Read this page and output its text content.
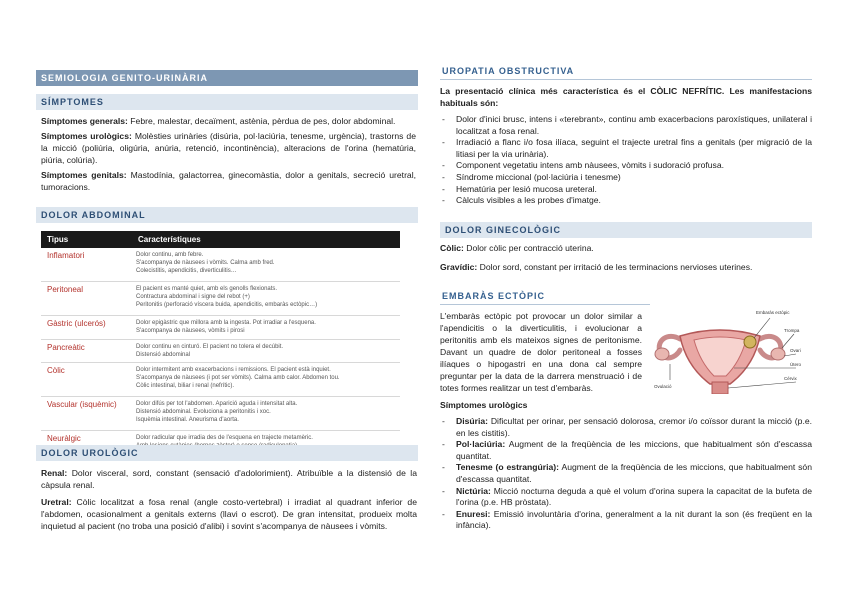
SEMIOLOGIA GENITO-URINÀRIA
SÍMPTOMES

Símptomes generals: Febre, malestar, decaïment, astènia, pèrdua de pes, dolor abdominal.

Símptomes urològics: Molèsties urinàries (disúria, pol·laciúria, tenesme, urgència), trastorns de la micció (poliúria, oligúria, anúria, retenció, incontinència), alteracions de l'orina (hematúria, piúria, colúria).

Símptomes genitals: Mastodínia, galactorrea, ginecomàstia, dolor a genitals, secreció uretral, tumoracions.

DOLOR ABDOMINAL
Tipus	Característiques
Inflamatori	Dolor continu, amb febre.
S'acompanya de nàusees i vòmits. Calma amb fred.
Colecistitis, apendicitis, diverticulitis…

Peritoneal	El pacient es manté quiet, amb els genolls flexionats.
Contractura abdominal i signe del rebot (+)
Peritonitis (perforació víscera buida, apendicitis, embaràs ectòpic…)

Gàstric (ulcerós)	Dolor epigàstric que millora amb la ingesta. Pot irradiar a l'esquena.
S'acompanya de nàusees, vòmits i pirosi

Pancreàtic	Dolor continu en cinturó. El pacient no tolera el decúbit.
Distensió abdominal

Còlic	Dolor intermitent amb exacerbacions i remissions. El pacient està inquiet.
S'acompanya de nàusees (i pot ser vòmits). Calma amb calor. Abdomen tou.
Còlic intestinal, biliar i renal (nefrític).

Vascular (isquèmic)	Dolor difús per tot l'abdomen. Aparició aguda i intensitat alta.
Distensió abdominal. Evoluciona a peritonitis i xoc.
Isquèmia intestinal. Aneurisma d'aorta.

Neuràlgic	Dolor radicular que irradia des de l'esquena en trajecte metamèric.
DOLOR UROLÒGIC

Renal: Dolor visceral, sord, constant (sensació d'adolorimient). Atribuïble a la distensió de la càpsula renal.

Uretral: Còlic localitzat a fosa renal (angle costo-vertebral) i irradiat al quadrant inferior de l'abdomen, ocasionalment a genitals externs (llavi o escrot). De gran intensitat, produeix molta inquietud al pacient (no troba una posició d'alibi) i sovint s'acompanya de nàusees i vòmits.

UROPATIA OBSTRUCTIVA

La presentació clínica més característica és el CÒLIC NEFRÍTIC. Les manifestacions habituals són:

- Dolor d'inici brusc, intens i «terebrant», continu amb exacerbacions paroxístiques, unilateral i localitzat a fosa renal.
- Irradiació a flanc i/o fosa ilíaca, seguint el trajecte uretral fins a genitals (per migració de la litiasi per la via urinària).
- Component vegetatiu intens amb nàusees, vòmits i sudoració profusa.
- Síndrome miccional (pol·laciúria i tenesme)
- Hematúria per lesió mucosa ureteral.
- Càlculs visibles a les probes d'imatge.
DOLOR GINECOLÒGIC

Còlic: Dolor còlic per contracció uterina.

Gravídic: Dolor sord, constant per irritació de les terminacions nervioses uterines.

EMBARÀS ECTÒPIC

L'embaràs ectòpic pot provocar un dolor similar a l'apendicitis o la diverticulitis, i evolucionar a peritonitis amb els mateixos signes de peritonisme. Davant un quadre de dolor peritoneal a fosses ilíaques o hipogastri en una dona cal sempre preguntar per la data de la darrera menstruació i de totes formes realitzar un test d'embaràs.

Símptomes urològics

- Disúria: Dificultat per orinar, per sensació dolorosa, cremor i/o coïssor durant la micció (p.e. en les cistitis).
- Pol·laciúria: Augment de la freqüència de les miccions, que habitualment són d'escassa quantitat.
- Tenesme (o estrangúria): Augment de la freqüència de les miccions, que habitualment són d'escassa quantitat.
- Nictúria: Micció nocturna deguda a què el volum d'orina supera la capacitat de la bufeta de l'orina (p.e. HB pròstata).
- Enuresi: Emissió involuntària d'orina, generalment a la nit durant la son (és freqüent en la infància).
Embaràs ectòpic
Trompa
Ovari
Útero
Cérvix
Ovulació
